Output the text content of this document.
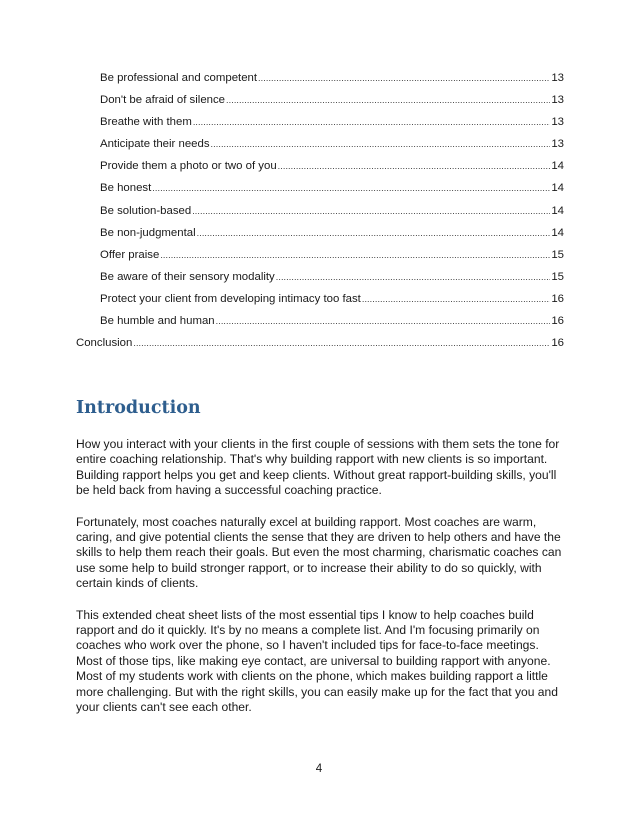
Be professional and competent .....	13
Don't be afraid of silence .....	13
Breathe with them .....	13
Anticipate their needs .....	13
Provide them a photo or two of you .....	14
Be honest .....	14
Be solution-based .....	14
Be non-judgmental .....	14
Offer praise .....	15
Be aware of their sensory modality .....	15
Protect your client from developing intimacy too fast .....	16
Be humble and human .....	16
Conclusion .....	16
Introduction

How you interact with your clients in the first couple of sessions with them sets the tone for entire coaching relationship. That's why building rapport with new clients is so important. Building rapport helps you get and keep clients. Without great rapport-building skills, you'll be held back from having a successful coaching practice.

Fortunately, most coaches naturally excel at building rapport. Most coaches are warm, caring, and give potential clients the sense that they are driven to help others and have the skills to help them reach their goals. But even the most charming, charismatic coaches can use some help to build stronger rapport, or to increase their ability to do so quickly, with certain kinds of clients.

This extended cheat sheet lists of the most essential tips I know to help coaches build rapport and do it quickly. It's by no means a complete list. And I'm focusing primarily on coaches who work over the phone, so I haven't included tips for face-to-face meetings. Most of those tips, like making eye contact, are universal to building rapport with anyone. Most of my students work with clients on the phone, which makes building rapport a little more challenging. But with the right skills, you can easily make up for the fact that you and your clients can't see each other.

4
